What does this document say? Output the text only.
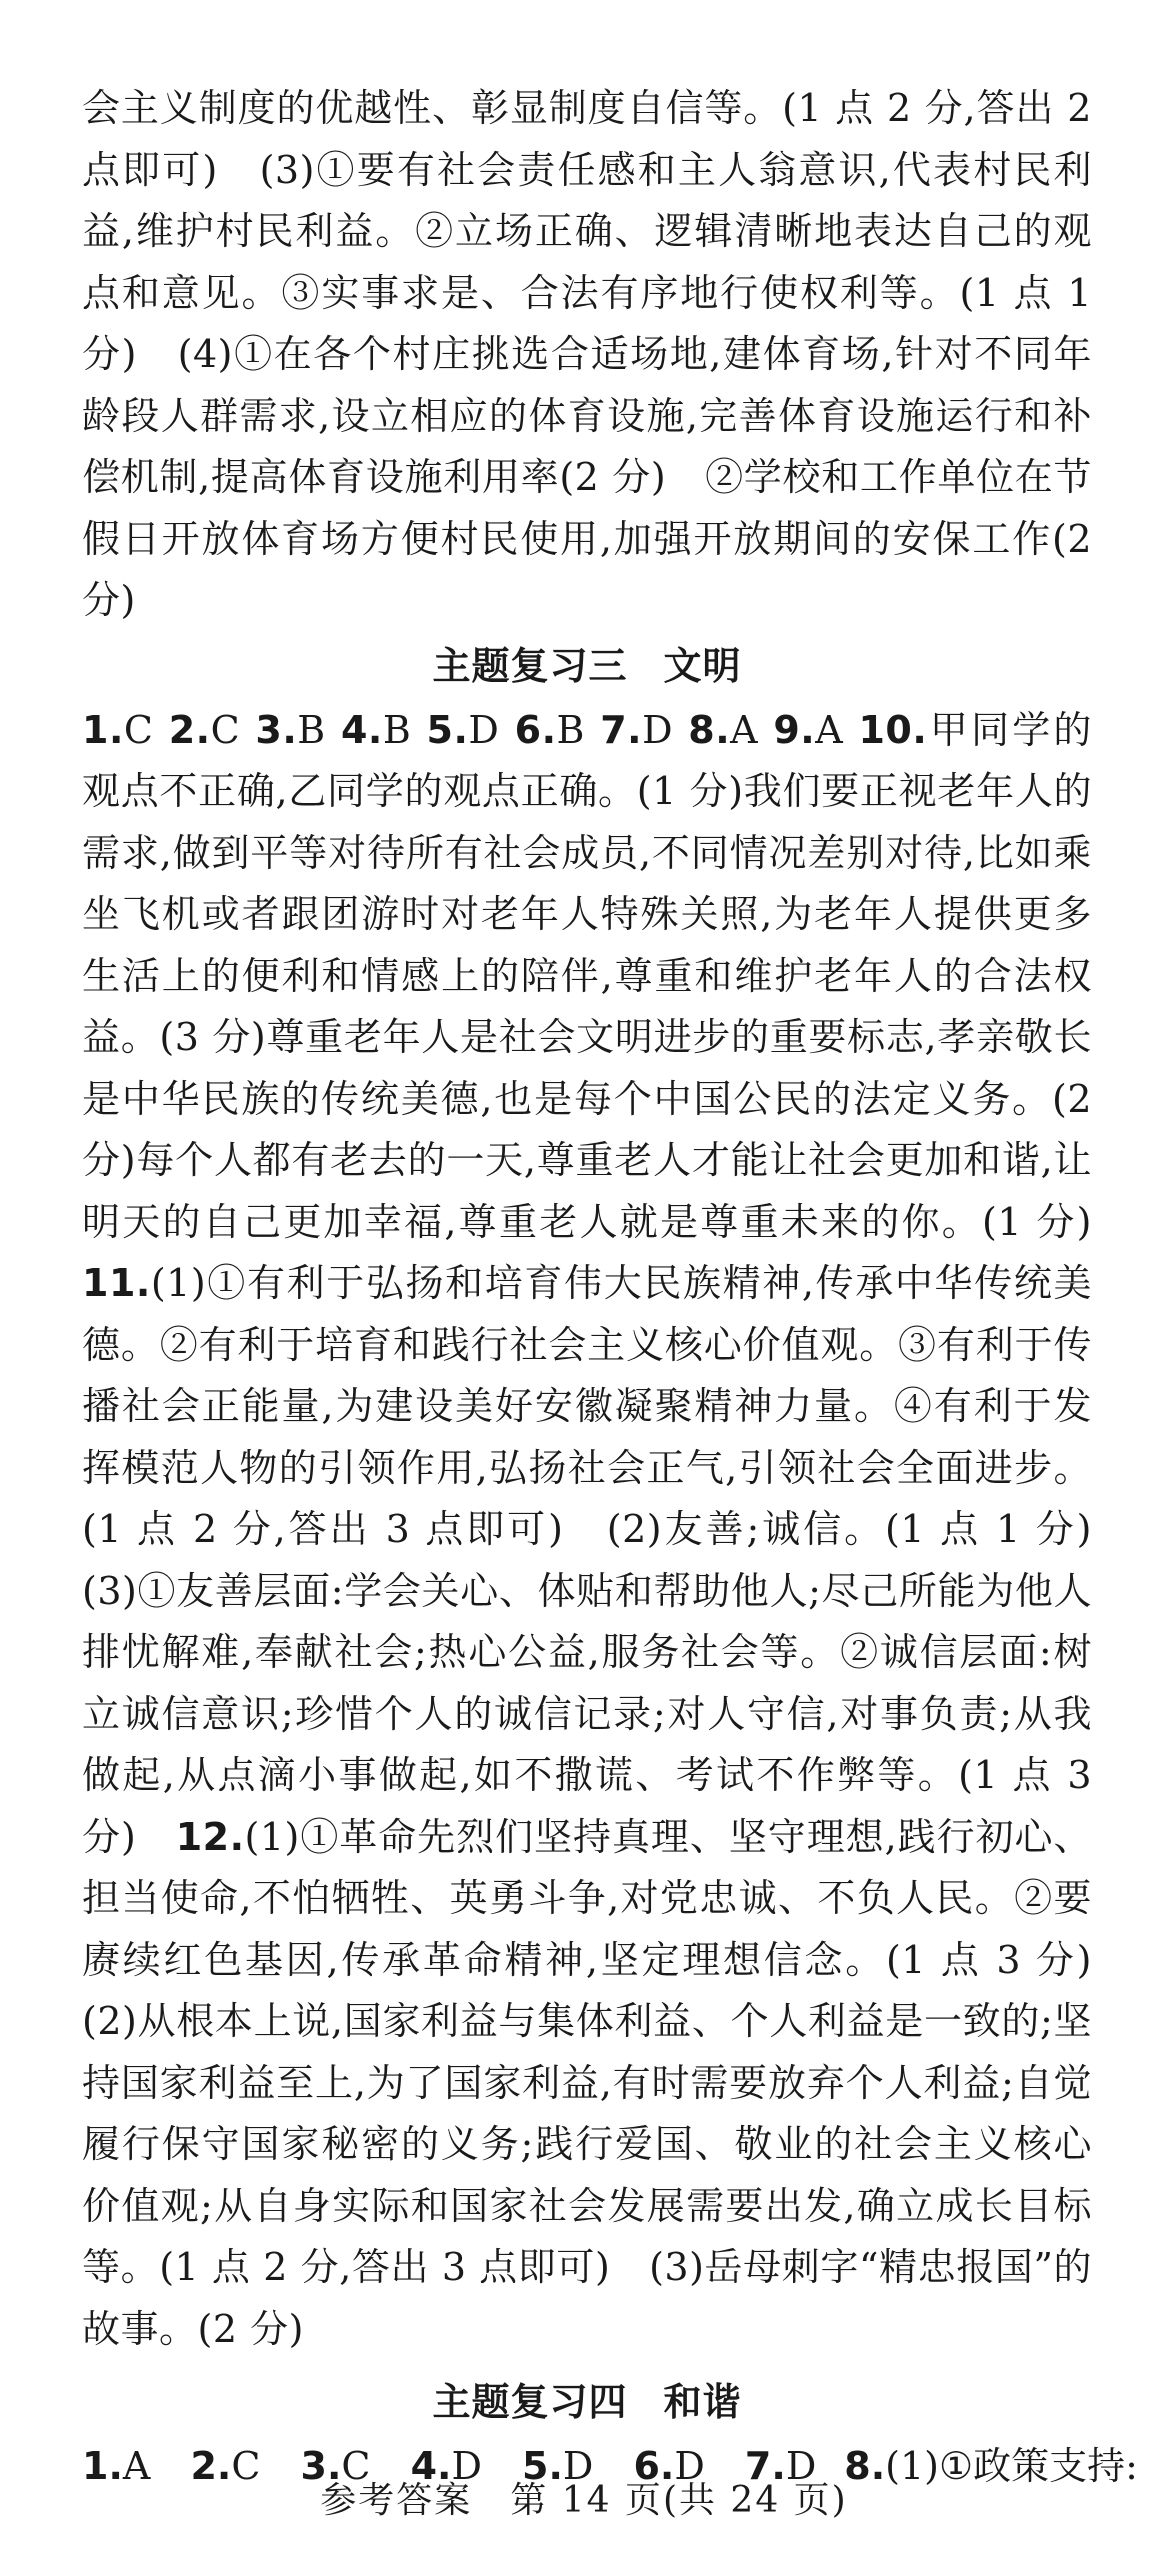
会主义制度的优越性、彰显制度自信等。(1 点 2 分,答出 2 点即可)　(3)①要有社会责任感和主人翁意识,代表村民利益,维护村民利益。②立场正确、逻辑清晰地表达自己的观点和意见。③实事求是、合法有序地行使权利等。(1 点 1 分)　(4)①在各个村庄挑选合适场地,建体育场,针对不同年龄段人群需求,设立相应的体育设施,完善体育设施运行和补偿机制,提高体育设施利用率(2 分)　②学校和工作单位在节假日开放体育场方便村民使用,加强开放期间的安保工作(2 分)

主题复习三 文明

1.C 2.C 3.B 4.B 5.D 6.B 7.D 8.A 9.A 10.甲同学的观点不正确,乙同学的观点正确。(1 分)我们要正视老年人的需求,做到平等对待所有社会成员,不同情况差别对待,比如乘坐飞机或者跟团游时对老年人特殊关照,为老年人提供更多生活上的便利和情感上的陪伴,尊重和维护老年人的合法权益。(3 分)尊重老年人是社会文明进步的重要标志,孝亲敬长是中华民族的传统美德,也是每个中国公民的法定义务。(2 分)每个人都有老去的一天,尊重老人才能让社会更加和谐,让明天的自己更加幸福,尊重老人就是尊重未来的你。(1 分)　11.(1)①有利于弘扬和培育伟大民族精神,传承中华传统美德。②有利于培育和践行社会主义核心价值观。③有利于传播社会正能量,为建设美好安徽凝聚精神力量。④有利于发挥模范人物的引领作用,弘扬社会正气,引领社会全面进步。(1 点 2 分,答出 3 点即可)　(2)友善;诚信。(1 点 1 分)　(3)①友善层面:学会关心、体贴和帮助他人;尽己所能为他人排忧解难,奉献社会;热心公益,服务社会等。②诚信层面:树立诚信意识;珍惜个人的诚信记录;对人守信,对事负责;从我做起,从点滴小事做起,如不撒谎、考试不作弊等。(1 点 3 分)　12.(1)①革命先烈们坚持真理、坚守理想,践行初心、担当使命,不怕牺牲、英勇斗争,对党忠诚、不负人民。②要赓续红色基因,传承革命精神,坚定理想信念。(1 点 3 分)　(2)从根本上说,国家利益与集体利益、个人利益是一致的;坚持国家利益至上,为了国家利益,有时需要放弃个人利益;自觉履行保守国家秘密的义务;践行爱国、敬业的社会主义核心价值观;从自身实际和国家社会发展需要出发,确立成长目标等。(1 点 2 分,答出 3 点即可)　(3)岳母刺字“精忠报国”的故事。(2 分)

主题复习四 和谐

1.A 2.C 3.C 4.D 5.D 6.D 7.D 8.(1)①政策支持:

参考答案　第 14 页(共 24 页)
